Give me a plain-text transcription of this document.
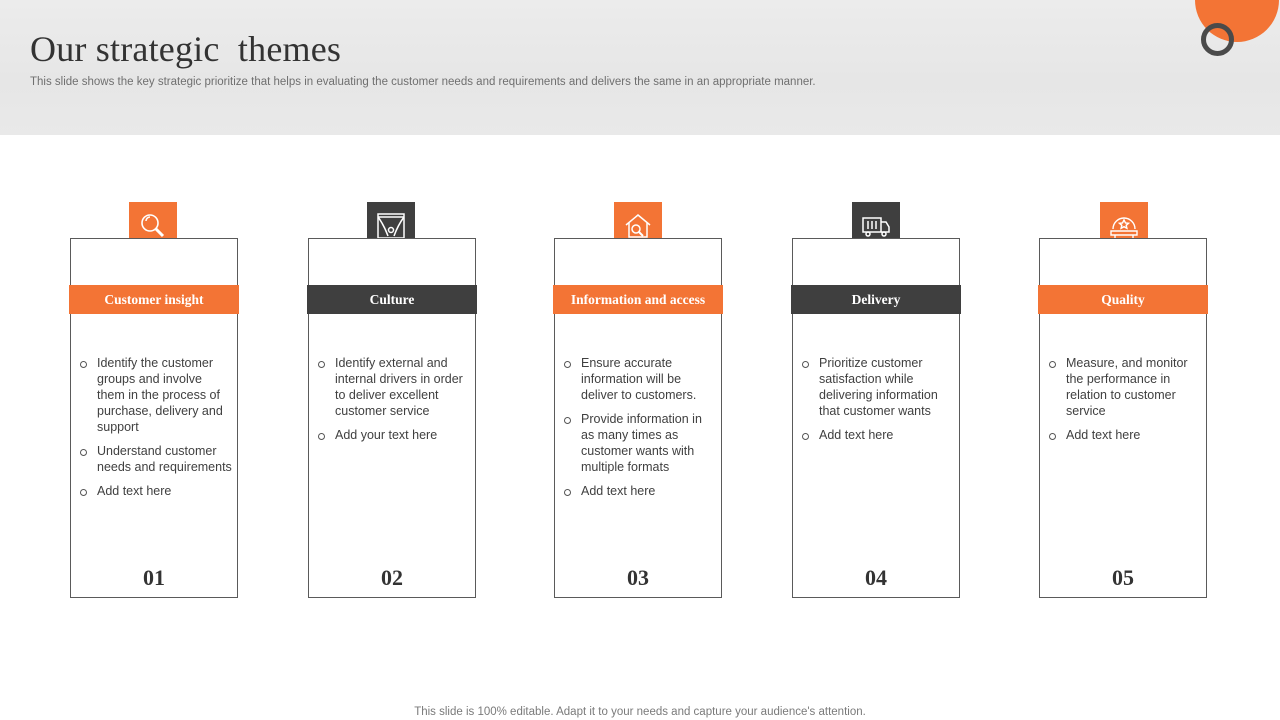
Our strategic  themes
This slide shows the key strategic prioritize that helps in evaluating the customer needs and requirements and delivers the same in an appropriate manner.
Customer insight
Identify the customer groups and involve them in the process of purchase, delivery and support
Understand customer needs and requirements
Add text here
01
Culture
Identify external and internal drivers in order to deliver excellent customer service
Add your text here
02
Information and access
Ensure accurate information will be deliver to customers.
Provide information in as many times as customer wants with multiple formats
Add text here
03
Delivery
Prioritize customer satisfaction while delivering information that customer wants
Add text here
04
Quality
Measure, and monitor the performance in relation to customer service
Add text here
05
This slide is 100% editable. Adapt it to your needs and capture your audience's attention.
